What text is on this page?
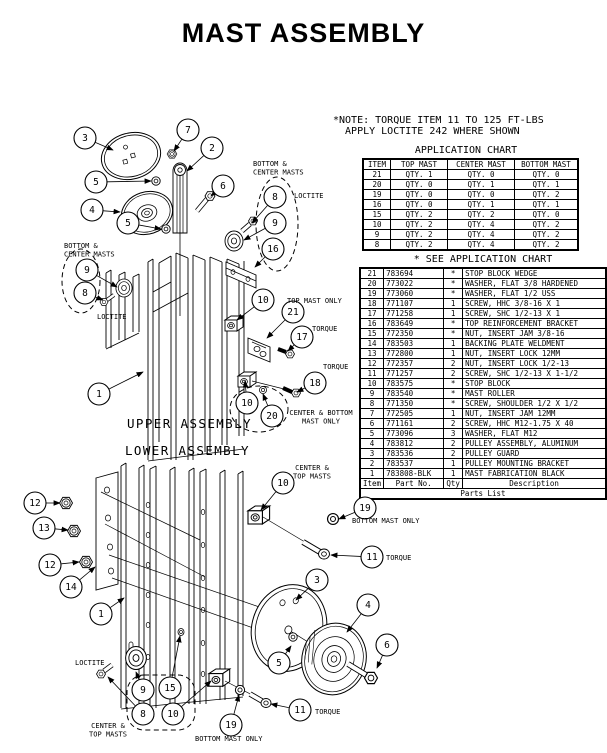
MAST ASSEMBLY
*NOTE: TORQUE ITEM 11 TO 125 FT-LBS
APPLY LOCTITE 242 WHERE SHOWN
APPLICATION CHART
ITEM	TOP MAST	CENTER MAST	BOTTOM MAST
21	QTY. 1	QTY. 0	QTY. 0
20	QTY. 0	QTY. 1	QTY. 1
19	QTY. 0	QTY. 0	QTY. 2
16	QTY. 0	QTY. 1	QTY. 1
15	QTY. 2	QTY. 2	QTY. 0
10	QTY. 2	QTY. 4	QTY. 2
9	QTY. 2	QTY. 4	QTY. 2
8	QTY. 2	QTY. 4	QTY. 2
* SEE APPLICATION CHART
21	783694	*	STOP BLOCK WEDGE
20	773022	*	WASHER, FLAT 3/8 HARDENED
19	773060	*	WASHER, FLAT 1/2 USS
18	771107	1	SCREW, HHC 3/8-16 X 1
17	771258	1	SCREW, SHC 1/2-13 X 1
16	783649	*	TOP REINFORCEMENT BRACKET
15	772350	*	NUT, INSERT JAM 3/8-16
14	783503	1	BACKING PLATE WELDMENT
13	772800	1	NUT, INSERT LOCK 12MM
12	772357	2	NUT, INSERT LOCK 1/2-13
11	771257	2	SCREW, SHC 1/2-13 X 1-1/2
10	783575	*	STOP BLOCK
9	783540	*	MAST ROLLER
8	771350	*	SCREW, SHOULDER 1/2 X 1/2
7	772505	1	NUT, INSERT JAM 12MM
6	771161	2	SCREW, HHC M12-1.75 X 40
5	773096	3	WASHER, FLAT M12
4	783812	2	PULLEY ASSEMBLY, ALUMINUM
3	783536	2	PULLEY GUARD
2	783537	1	PULLEY MOUNTING BRACKET
1	783808-BLK	1	MAST FABRICATION BLACK
Item	Part No.	Qty	Description
Parts List			
3
7
2
5
4
5
6
8
9
16
9
8
10
21
17
18
1
10
20
12
13
12
14
1
10
19
11
3
4
6
5
9 15
8 10
19
11
BOTTOM & CENTER MASTS
LOCTITE
BOTTOM & CENTER MASTS
LOCTITE
TOP MAST ONLY
TORQUE
TORQUE
CENTER & BOTTOM MAST ONLY
UPPER ASSEMBLY
LOWER ASSEMBLY
CENTER & TOP MASTS
BOTTOM MAST ONLY
TORQUE
LOCTITE
CENTER & TOP MASTS
BOTTOM MAST ONLY
TORQUE
